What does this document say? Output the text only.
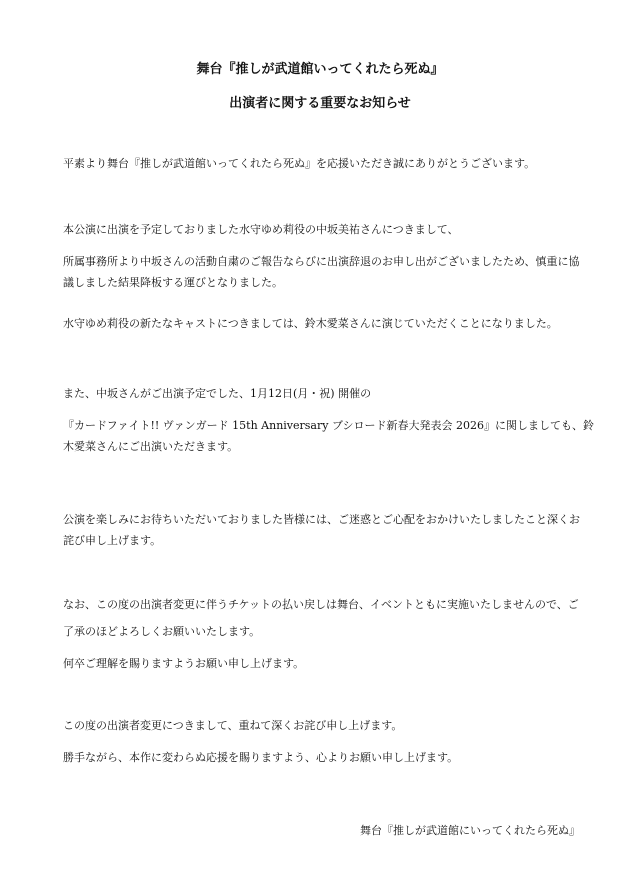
舞台『推しが武道館いってくれたら死ぬ』
出演者に関する重要なお知らせ
平素より舞台『推しが武道館いってくれたら死ぬ』を応援いただき誠にありがとうございます。
本公演に出演を予定しておりました水守ゆめ莉役の中坂美祐さんにつきまして、
所属事務所より中坂さんの活動自粛のご報告ならびに出演辞退のお申し出がございましたため、慎重に協
議しました結果降板する運びとなりました。
水守ゆめ莉役の新たなキャストにつきましては、鈴木愛菜さんに演じていただくことになりました。
また、中坂さんがご出演予定でした、1月12日(月・祝) 開催の
『カードファイト!! ヴァンガード 15th Anniversary ブシロード新春大発表会 2026』に関しましても、鈴
木愛菜さんにご出演いただきます。
公演を楽しみにお待ちいただいておりました皆様には、ご迷惑とご心配をおかけいたしましたこと深くお
詫び申し上げます。
なお、この度の出演者変更に伴うチケットの払い戻しは舞台、イベントともに実施いたしませんので、ご
了承のほどよろしくお願いいたします。
何卒ご理解を賜りますようお願い申し上げます。
この度の出演者変更につきまして、重ねて深くお詫び申し上げます。
勝手ながら、本作に変わらぬ応援を賜りますよう、心よりお願い申し上げます。
舞台『推しが武道館にいってくれたら死ぬ』
